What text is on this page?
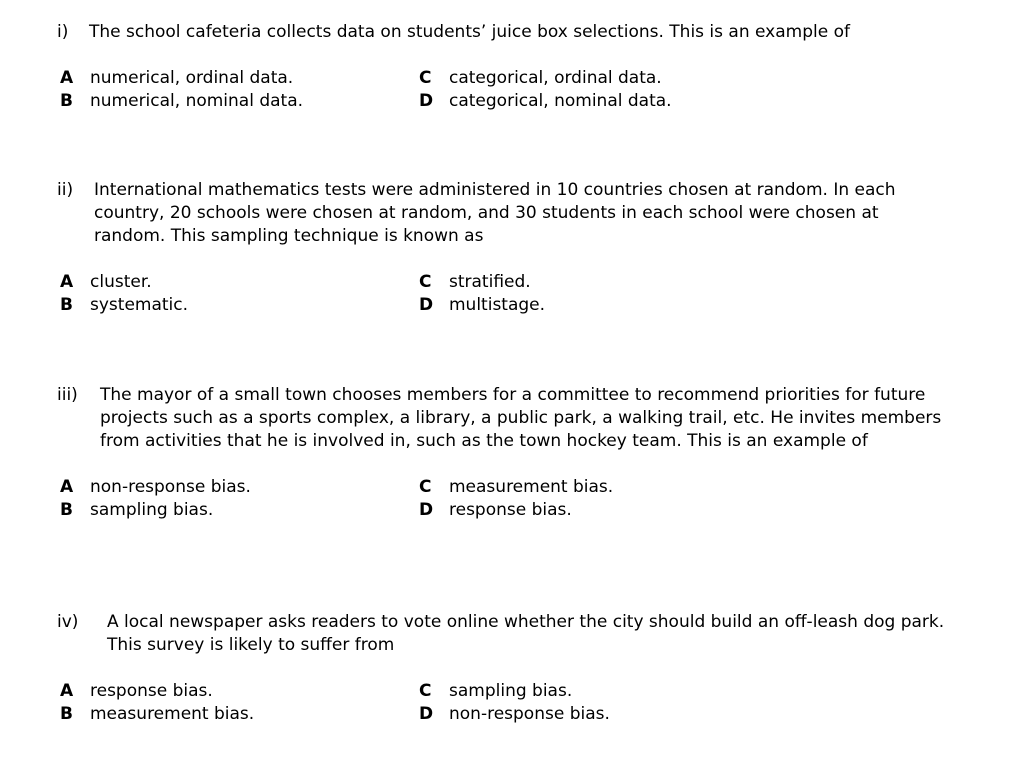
i)	The school cafeteria collects data on students’ juice box selections. This is an example of
A numerical, ordinal data.
B numerical, nominal data.
C categorical, ordinal data.
D categorical, nominal data.
ii)	International mathematics tests were administered in 10 countries chosen at random. In each country, 20 schools were chosen at random, and 30 students in each school were chosen at random. This sampling technique is known as
A cluster.
B systematic.
C stratified.
D multistage.
iii)	The mayor of a small town chooses members for a committee to recommend priorities for future projects such as a sports complex, a library, a public park, a walking trail, etc. He invites members from activities that he is involved in, such as the town hockey team. This is an example of
A non-response bias.
B sampling bias.
C measurement bias.
D response bias.
iv)	A local newspaper asks readers to vote online whether the city should build an off-leash dog park. This survey is likely to suffer from
A response bias.
B measurement bias.
C sampling bias.
D non-response bias.
